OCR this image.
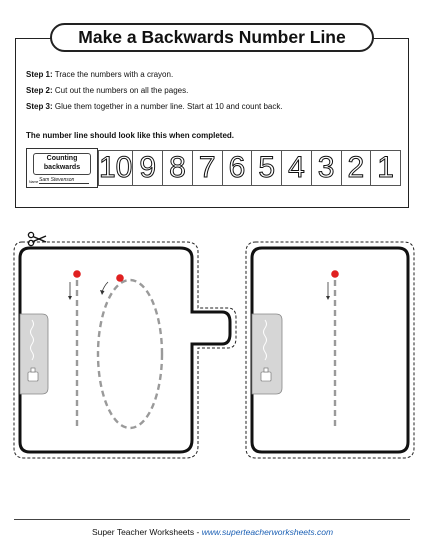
Make a Backwards Number Line
Step 1: Trace the numbers with a crayon.
Step 2: Cut out the numbers on all the pages.
Step 3: Glue them together in a number line. Start at 10 and count back.
The number line should look like this when completed.
Counting
backwards
Name Sam Stevenson 10 9 8 7 6 5 4 3 2 1
Super Teacher Worksheets - www.superteacherworksheets.com
